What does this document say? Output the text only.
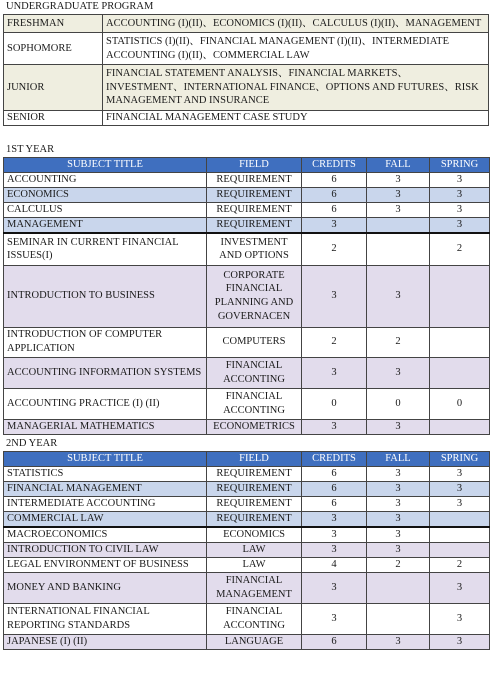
UNDERGRADUATE PROGRAM
FRESHMAN	ACCOUNTING (I)(II)、ECONOMICS (I)(II)、CALCULUS (I)(II)、MANAGEMENT
SOPHOMORE	STATISTICS (I)(II)、FINANCIAL MANAGEMENT (I)(II)、INTERMEDIATE ACCOUNTING (I)(II)、COMMERCIAL LAW
JUNIOR	FINANCIAL STATEMENT ANALYSIS、FINANCIAL MARKETS、INVESTMENT、INTERNATIONAL FINANCE、OPTIONS AND FUTURES、RISK MANAGEMENT AND INSURANCE
SENIOR	FINANCIAL MANAGEMENT CASE STUDY
1ST YEAR
SUBJECT TITLE	FIELD	CREDITS	FALL	SPRING
ACCOUNTING	REQUIREMENT	6	3	3
ECONOMICS	REQUIREMENT	6	3	3
CALCULUS	REQUIREMENT	6	3	3
MANAGEMENT	REQUIREMENT	3		3
SEMINAR IN CURRENT FINANCIAL ISSUES(I)	INVESTMENT AND OPTIONS	2		2
INTRODUCTION TO BUSINESS	CORPORATE FINANCIAL PLANNING AND GOVERNACEN	3	3	
INTRODUCTION OF COMPUTER APPLICATION	COMPUTERS	2	2	
ACCOUNTING INFORMATION SYSTEMS	FINANCIAL ACCONTING	3	3	
ACCOUNTING PRACTICE (I) (II)	FINANCIAL ACCONTING	0	0	0
MANAGERIAL MATHEMATICS	ECONOMETRICS	3	3	
2ND YEAR
SUBJECT TITLE	FIELD	CREDITS	FALL	SPRING
STATISTICS	REQUIREMENT	6	3	3
FINANCIAL MANAGEMENT	REQUIREMENT	6	3	3
INTERMEDIATE ACCOUNTING	REQUIREMENT	6	3	3
COMMERCIAL LAW	REQUIREMENT	3	3	
MACROECONOMICS	ECONOMICS	3	3	
INTRODUCTION TO CIVIL LAW	LAW	3	3	
LEGAL ENVIRONMENT OF BUSINESS	LAW	4	2	2
MONEY AND BANKING	FINANCIAL MANAGEMENT	3		3
INTERNATIONAL FINANCIAL REPORTING STANDARDS	FINANCIAL ACCONTING	3		3
JAPANESE (I) (II)	LANGUAGE	6	3	3
